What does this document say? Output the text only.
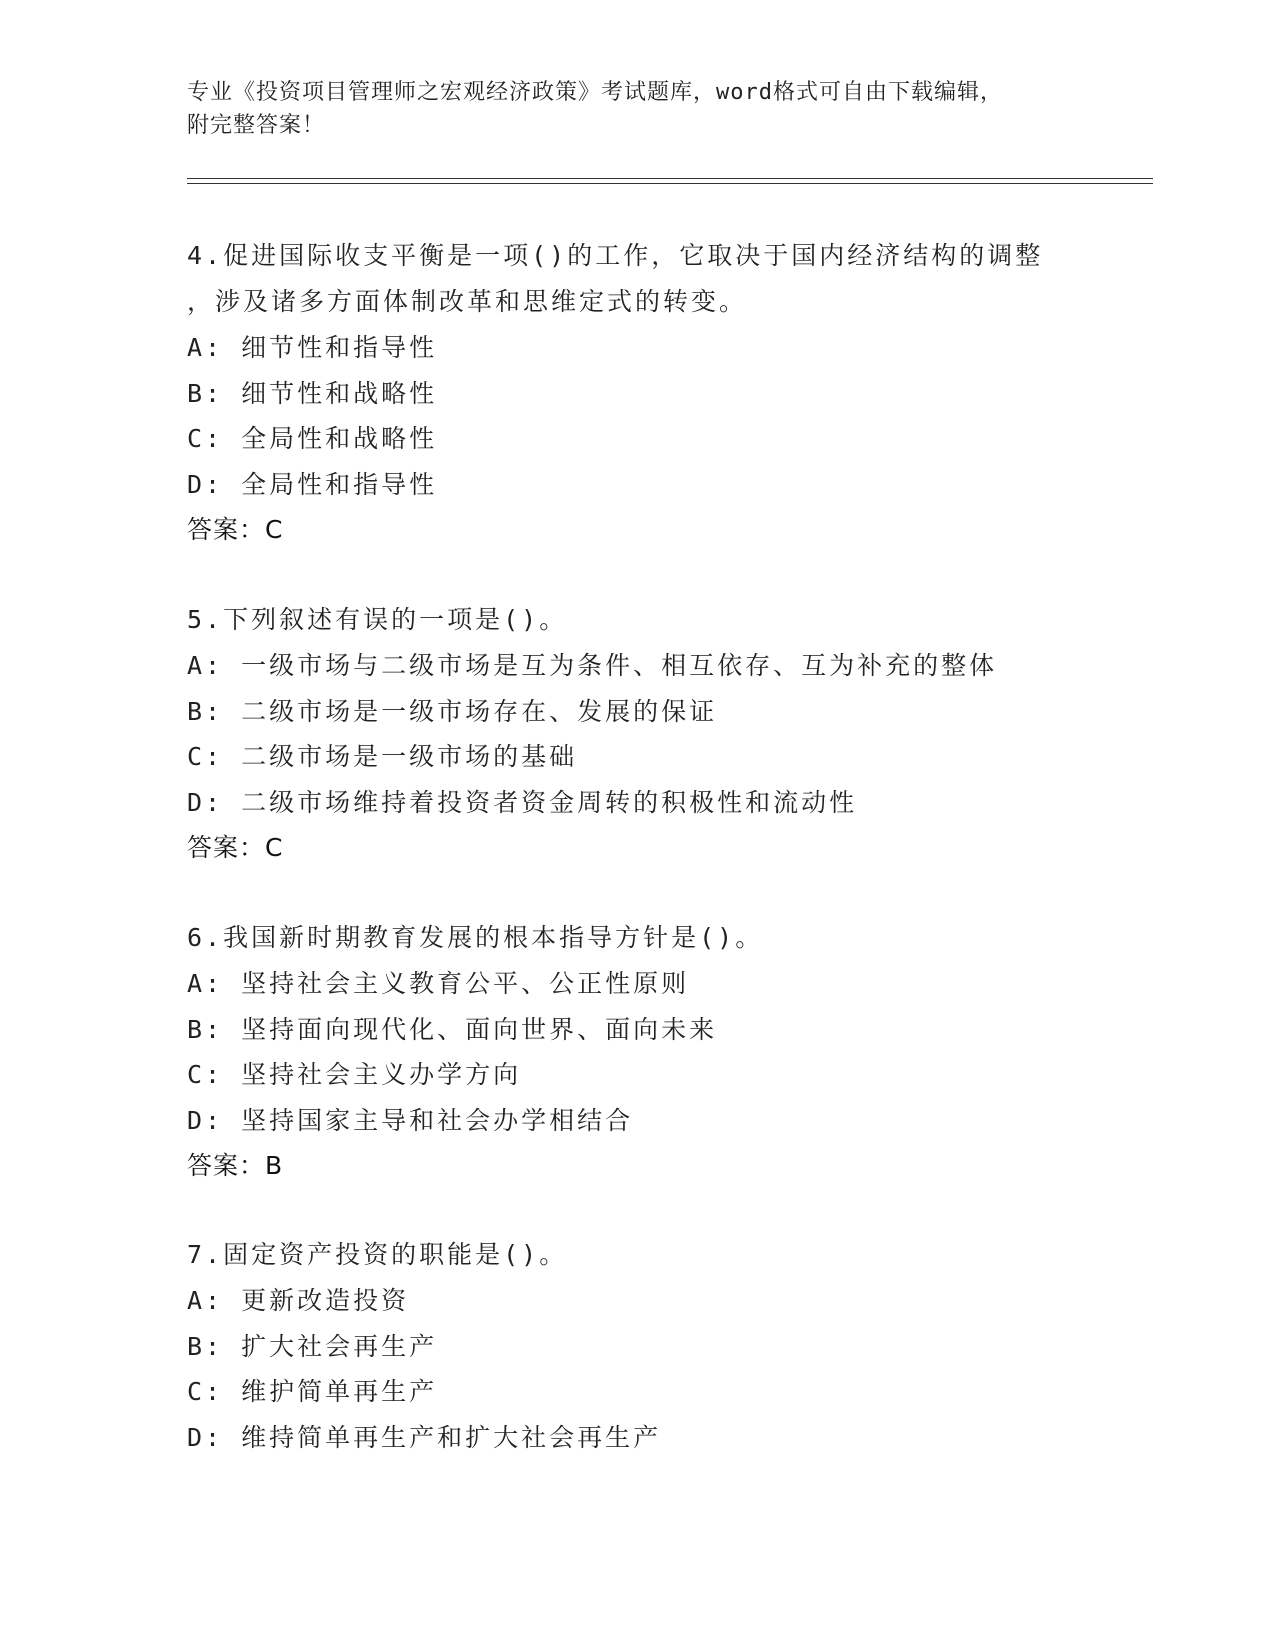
专业《投资项目管理师之宏观经济政策》考试题库，word格式可自由下载编辑，
附完整答案！
4.促进国际收支平衡是一项()的工作，它取决于国内经济结构的调整
，涉及诸多方面体制改革和思维定式的转变。
A: 细节性和指导性
B: 细节性和战略性
C: 全局性和战略性
D: 全局性和指导性
答案：C
5.下列叙述有误的一项是()。
A: 一级市场与二级市场是互为条件、相互依存、互为补充的整体
B: 二级市场是一级市场存在、发展的保证
C: 二级市场是一级市场的基础
D: 二级市场维持着投资者资金周转的积极性和流动性
答案：C
6.我国新时期教育发展的根本指导方针是()。
A: 坚持社会主义教育公平、公正性原则
B: 坚持面向现代化、面向世界、面向未来
C: 坚持社会主义办学方向
D: 坚持国家主导和社会办学相结合
答案：B
7.固定资产投资的职能是()。
A: 更新改造投资
B: 扩大社会再生产
C: 维护简单再生产
D: 维持简单再生产和扩大社会再生产
